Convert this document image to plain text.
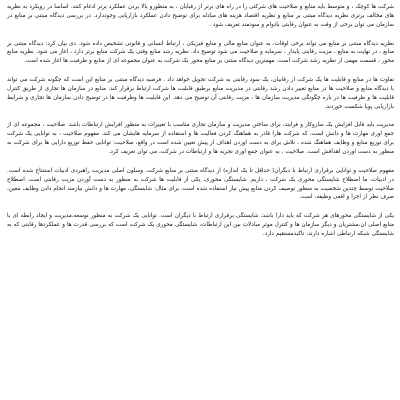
شرکت ها کوچک ، و متوسط باید منابع و صلاحیت های شرکتی را در راه های برتر از رقبایان ، به منظورو بالا بردن عملکرد برتر ادغام کنند. اساسا در رویکرد به نظریه های مخالف برتری نظریه دیدگاه مبتنی بر منابع و نظریه اقتصاد هزینه های مبادله برای توضیح دادن عملکرد بازاریابی وجوددارد. در بررسی دیدگاه مبتنی بر منابع در سازمان می توان برخی از وقت به عنوان رقابتی بادوام و سودمند تعریف شود .

نظریه دیدگاه مبتنی بر منابع می تواند برخی اوقات، به عنوان منابع مالی و منابع فیزیکی ، ارتباط انسانی و قانونی تشخیص داده شود. دی بیان کرد: دیدگاه مبتنی بر منابع ، در نهایت به منابع ، مزیت رقابتی پایدار ، سرمایه و صلاحیت می شود توضیح داد. نظریه رشد منابع وقتی یک شرکت منابع برتر دارد ، اغاز می شود. نظریه منابع محور ، قسمت مهمی از نظریه رشد شرکت است. مهمترین دیدگاه مبتنی بر منابع محور یک شرکت به عنوان مجموعه ای از منابع و ظرفیت ها اغاز شده است.

تفاوت ها در منابع و قابلیت ها یک شرکت از رقابیان، یک سود رقابتی به شرکت تحویل خواهد داد . فرضیه دیدگاه مبتنی بر منابع این است که چگونه شرکت می تواند با دیدگاه منابع و صلاحیت ها در منابع تغییر دادن رشد رقابتی در مدیریت منابع برطبق قابلیت ها شرکت ارتباط برقرار کند. منابع در سازمان ها تجاری از طریق کنترل قابلیت ها و ظرفیت ها در باره چگونگی مدیریت سازمان ها ، مزیت رقابتی آن توضیح می دهد. این قابلیت ها وظرفیت ها در توضیح دادن سازمان ها تجاری و شرایط بازاریابی پویا شکست خوردند.

مدیریت باید قابل افزایش یک سازوکار و فرایند، برای ساختن مدیریت و سازمان تجاری مناسب با تغییرات به منظور افزایش ارتباطات باشد. صلاحیت ، مجموعه ای از جمع اوری مهارت ها و دانش است، که شرکت هارا قادر به هماهنگ کردن فعالیت ها و استفاده از سرمایه هایشان می کند. مفهوم صلاحیت ، به توانایی یک شرکت برای توزیع منابع و وظایف هماهنگ شده ، تلاش برای به دست اوردن اهداف از پیش تعیین شده است در واقع، صلاحیت: توانایی حفظ توزیع دارایی ها برای شرکت به منظور به دست اوردن اهدافش است. صلاحیت ، به عنوان جمع اوری تجربه ها و ارتباطات در شرکت، می توان تعریف کرد.

مفهوم صلاحیت و توانایی برقراری ارتباط با دیگران( حداقل تا یک اندازه) از دیدگاه مبتنی بر منابع شرکت. وسلون اصلی مدیریت راهبردی ادبیات استنتاج شده است. در ادبیات، ما اصطلاح شایستگی محوری یک شرکت ، داریم. شایستگی محوری، یکی از قابلیت ها شرکت به منظور به دست آوردن مزیت رقابتی است. اصطلاح صلاحیت توسط چندین شخصیت به منظور توصیف کردن منابع پیش نیاز استفاده شده است، برای مثال: شایستگی، مهارت ها و دانش نیازمند انجام دادن وظایف معین، صرف نظر از اجرا و افعی وظیفه، است.

یکی از شایستگی محورهای هر شرکت که باید دارا باشد، شایستگی برقراری ارتباط با دیگران است. توانایی یک شرکت به منظور توسعه،مدیریت و ایجاد رابطه ای با منابع اصلی ان،مشتریان و دیگر سازمان ها و کنترل موثر مبادلات بین این ارتباطات، شایستگی محوری یک شرکت است که بررسی قدرت ها و عملکردها رقابتی که به شایستگی شبکه ارتباطی اشاره دارند، تاکیدمستقیم دارد.
